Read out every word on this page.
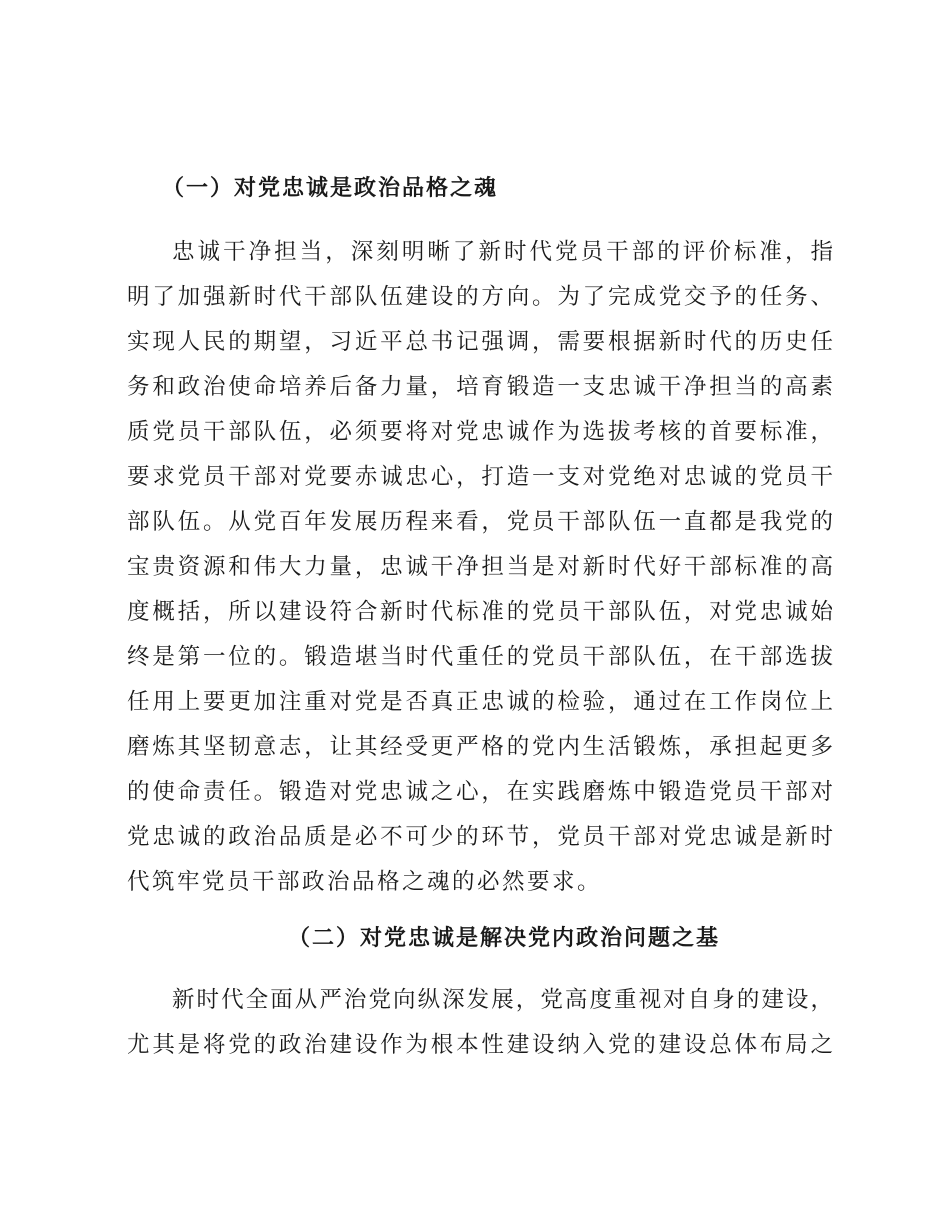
（一）对党忠诚是政治品格之魂
忠诚干净担当，深刻明晰了新时代党员干部的评价标准，指
明了加强新时代干部队伍建设的方向。为了完成党交予的任务、
实现人民的期望，习近平总书记强调，需要根据新时代的历史任
务和政治使命培养后备力量，培育锻造一支忠诚干净担当的高素
质党员干部队伍，必须要将对党忠诚作为选拔考核的首要标准，
要求党员干部对党要赤诚忠心，打造一支对党绝对忠诚的党员干
部队伍。从党百年发展历程来看，党员干部队伍一直都是我党的
宝贵资源和伟大力量，忠诚干净担当是对新时代好干部标准的高
度概括，所以建设符合新时代标准的党员干部队伍，对党忠诚始
终是第一位的。锻造堪当时代重任的党员干部队伍，在干部选拔
任用上要更加注重对党是否真正忠诚的检验，通过在工作岗位上
磨炼其坚韧意志，让其经受更严格的党内生活锻炼，承担起更多
的使命责任。锻造对党忠诚之心，在实践磨炼中锻造党员干部对
党忠诚的政治品质是必不可少的环节，党员干部对党忠诚是新时
代筑牢党员干部政治品格之魂的必然要求。
（二）对党忠诚是解决党内政治问题之基
新时代全面从严治党向纵深发展，党高度重视对自身的建设，
尤其是将党的政治建设作为根本性建设纳入党的建设总体布局之
